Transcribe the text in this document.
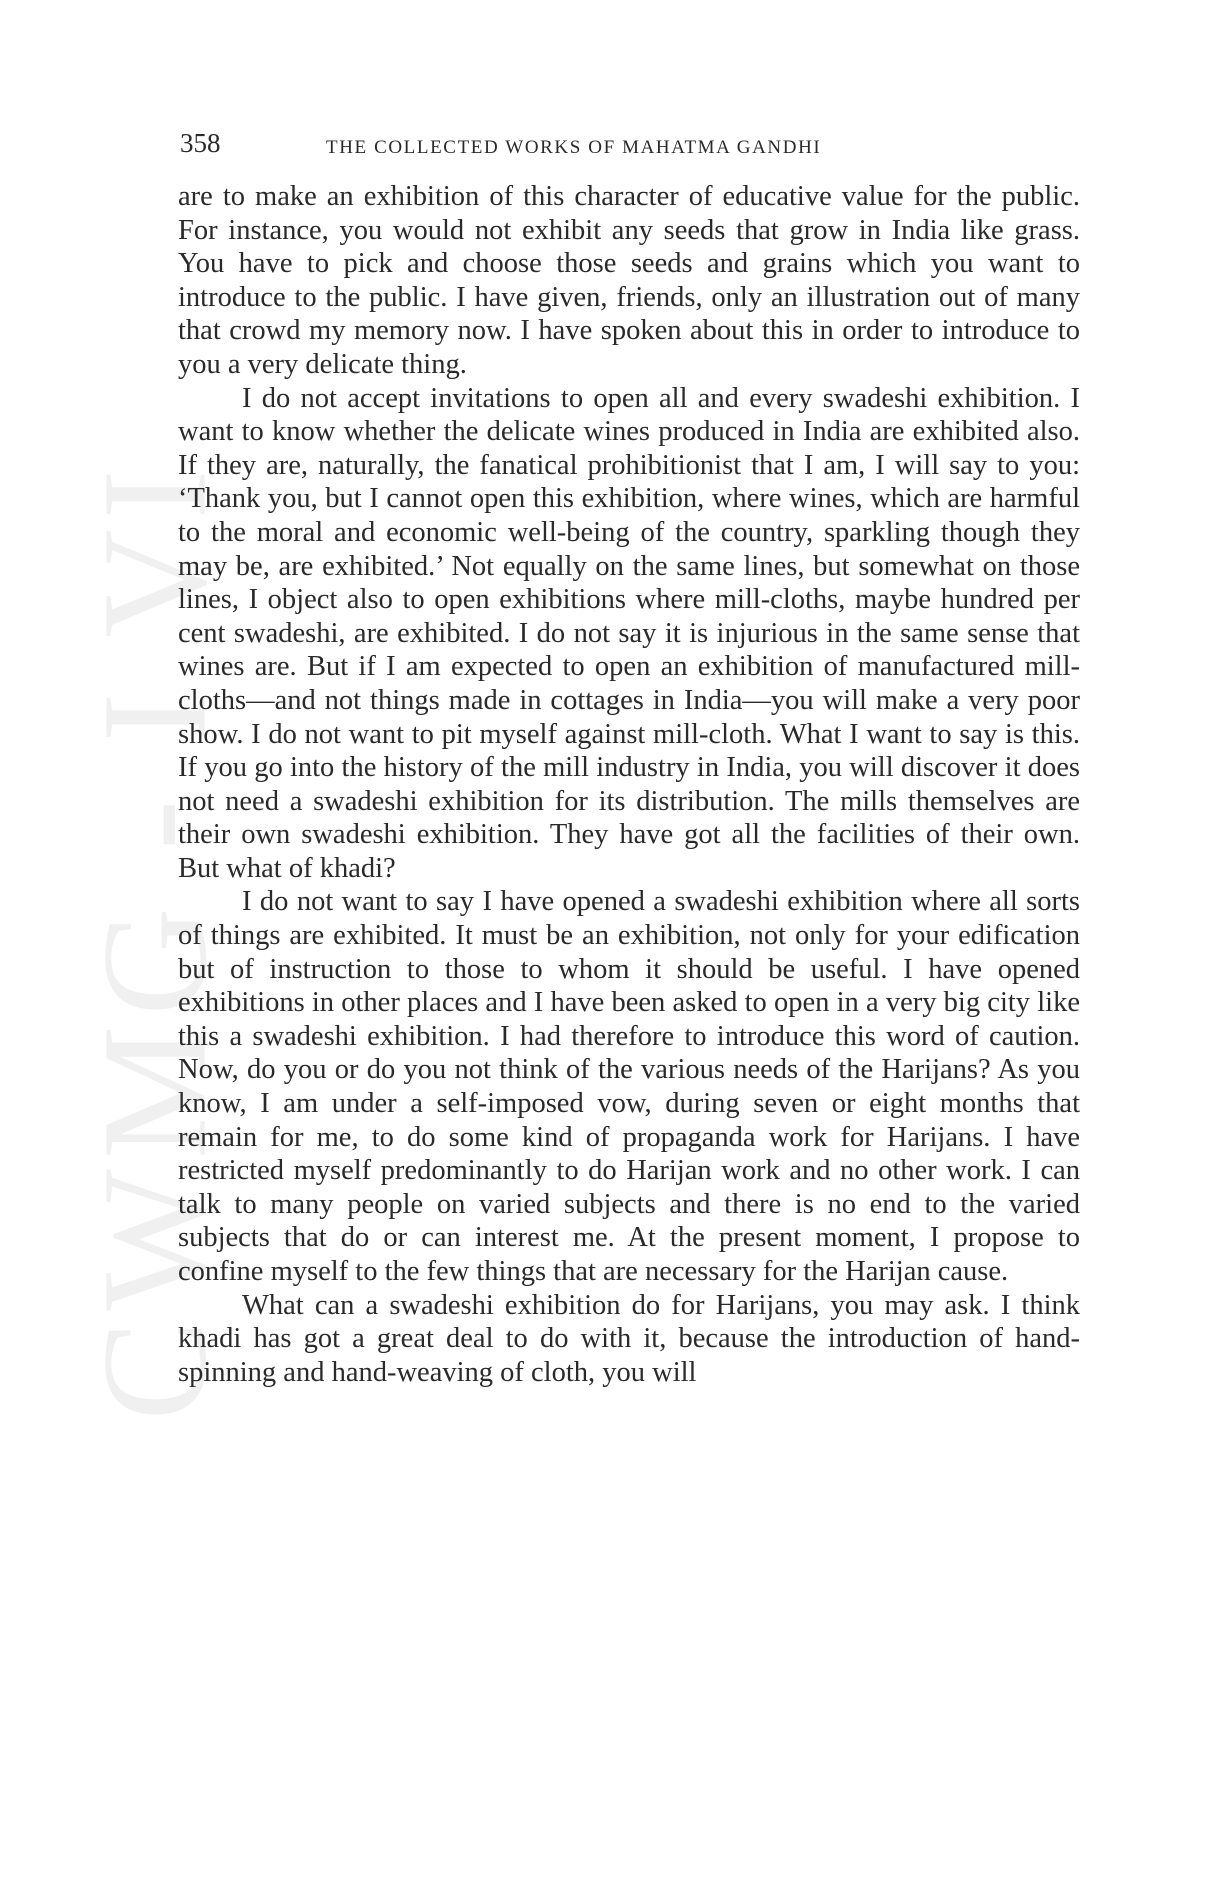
CWMG - I VI
358	THE COLLECTED WORKS OF MAHATMA GANDHI

are to make an exhibition of this character of educative value for the public. For instance, you would not exhibit any seeds that grow in India like grass. You have to pick and choose those seeds and grains which you want to introduce to the public. I have given, friends, only an illustration out of many that crowd my memory now. I have spoken about this in order to introduce to you a very delicate thing.

I do not accept invitations to open all and every swadeshi exhibition. I want to know whether the delicate wines produced in India are exhibited also. If they are, naturally, the fanatical prohibitionist that I am, I will say to you: ‘Thank you, but I cannot open this exhibition, where wines, which are harmful to the moral and economic well-being of the country, sparkling though they may be, are exhibited.’ Not equally on the same lines, but somewhat on those lines, I object also to open exhibitions where mill-cloths, maybe hundred per cent swadeshi, are exhibited. I do not say it is injurious in the same sense that wines are. But if I am expected to open an exhibition of manufactured mill-cloths—and not things made in cottages in India—you will make a very poor show. I do not want to pit myself against mill-cloth. What I want to say is this. If you go into the history of the mill industry in India, you will discover it does not need a swadeshi exhibition for its distribution. The mills themselves are their own swadeshi exhibition. They have got all the facilities of their own. But what of khadi?

I do not want to say I have opened a swadeshi exhibition where all sorts of things are exhibited. It must be an exhibition, not only for your edification but of instruction to those to whom it should be useful. I have opened exhibitions in other places and I have been asked to open in a very big city like this a swadeshi exhibition. I had therefore to introduce this word of caution. Now, do you or do you not think of the various needs of the Harijans? As you know, I am under a self-imposed vow, during seven or eight months that remain for me, to do some kind of propaganda work for Harijans. I have restricted myself predominantly to do Harijan work and no other work. I can talk to many people on varied subjects and there is no end to the varied subjects that do or can interest me. At the present moment, I propose to confine myself to the few things that are necessary for the Harijan cause.

What can a swadeshi exhibition do for Harijans, you may ask. I think khadi has got a great deal to do with it, because the introduction of hand-spinning and hand-weaving of cloth, you will
